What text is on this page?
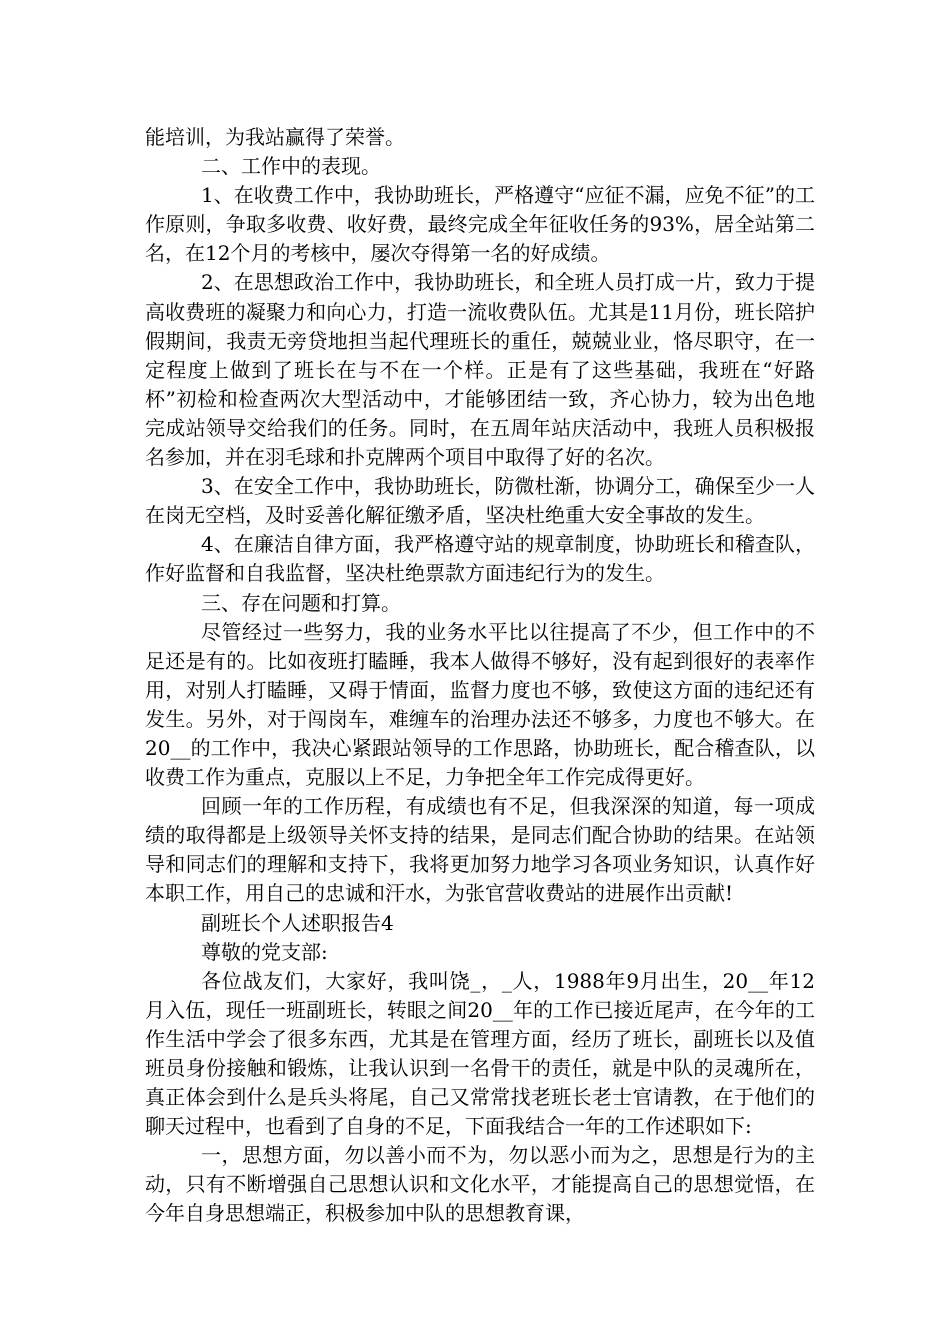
能培训，为我站赢得了荣誉。

二、工作中的表现。

1、在收费工作中，我协助班长，严格遵守“应征不漏，应免不征”的工作原则，争取多收费、收好费，最终完成全年征收任务的93%，居全站第二名，在12个月的考核中，屡次夺得第一名的好成绩。

2、在思想政治工作中，我协助班长，和全班人员打成一片，致力于提高收费班的凝聚力和向心力，打造一流收费队伍。尤其是11月份，班长陪护假期间，我责无旁贷地担当起代理班长的重任，兢兢业业，恪尽职守，在一定程度上做到了班长在与不在一个样。正是有了这些基础，我班在“好路杯”初检和检查两次大型活动中，才能够团结一致，齐心协力，较为出色地完成站领导交给我们的任务。同时，在五周年站庆活动中，我班人员积极报名参加，并在羽毛球和扑克牌两个项目中取得了好的名次。

3、在安全工作中，我协助班长，防微杜渐，协调分工，确保至少一人在岗无空档，及时妥善化解征缴矛盾，坚决杜绝重大安全事故的发生。

4、在廉洁自律方面，我严格遵守站的规章制度，协助班长和稽查队，作好监督和自我监督，坚决杜绝票款方面违纪行为的发生。

三、存在问题和打算。

尽管经过一些努力，我的业务水平比以往提高了不少，但工作中的不足还是有的。比如夜班打瞌睡，我本人做得不够好，没有起到很好的表率作用，对别人打瞌睡，又碍于情面，监督力度也不够，致使这方面的违纪还有发生。另外，对于闯岗车，难缠车的治理办法还不够多，力度也不够大。在20__的工作中，我决心紧跟站领导的工作思路，协助班长，配合稽查队，以收费工作为重点，克服以上不足，力争把全年工作完成得更好。

回顾一年的工作历程，有成绩也有不足，但我深深的知道，每一项成绩的取得都是上级领导关怀支持的结果，是同志们配合协助的结果。在站领导和同志们的理解和支持下，我将更加努力地学习各项业务知识，认真作好本职工作，用自己的忠诚和汗水，为张官营收费站的进展作出贡献!

副班长个人述职报告4

尊敬的党支部:

各位战友们，大家好，我叫饶_，_人，1988年9月出生，20__年12月入伍，现任一班副班长，转眼之间20__年的工作已接近尾声，在今年的工作生活中学会了很多东西，尤其是在管理方面，经历了班长，副班长以及值班员身份接触和锻炼，让我认识到一名骨干的责任，就是中队的灵魂所在，真正体会到什么是兵头将尾，自己又常常找老班长老士官请教，在于他们的聊天过程中，也看到了自身的不足，下面我结合一年的工作述职如下:

一，思想方面，勿以善小而不为，勿以恶小而为之，思想是行为的主动，只有不断增强自己思想认识和文化水平，才能提高自己的思想觉悟，在今年自身思想端正，积极参加中队的思想教育课，
